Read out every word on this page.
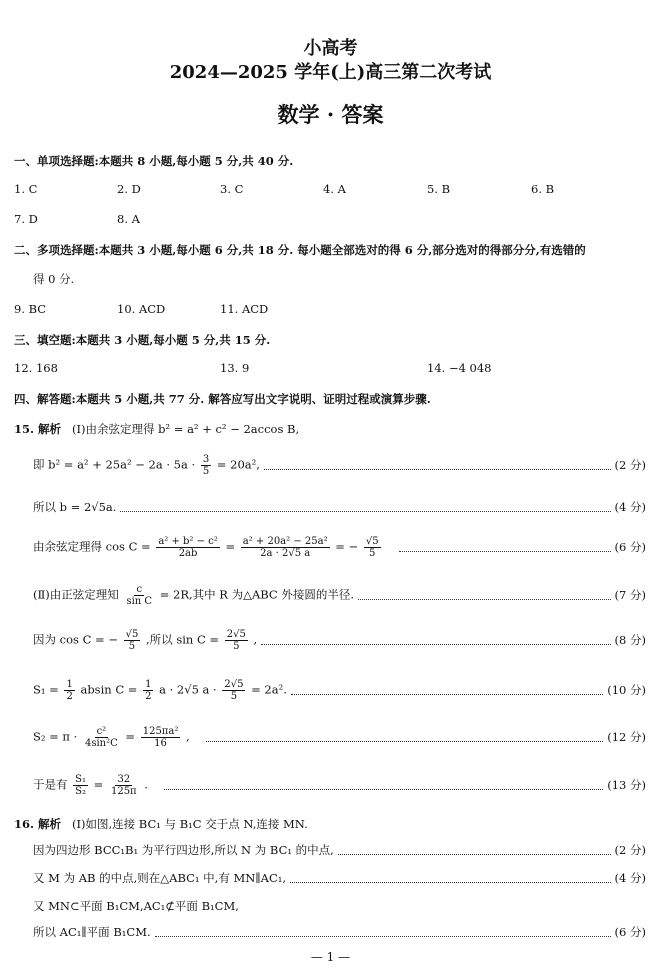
小高考
2024—2025 学年(上)高三第二次考试
数学 · 答案
一、单项选择题:本题共 8 小题,每小题 5 分,共 40 分.
1. C	2. D	3. C	4. A	5. B	6. B
7. D	8. A
二、多项选择题:本题共 3 小题,每小题 6 分,共 18 分. 每小题全部选对的得 6 分,部分选对的得部分分,有选错的
得 0 分.
9. BC	10. ACD	11. ACD
三、填空题:本题共 3 小题,每小题 5 分,共 15 分.
12. 168	13. 9	14. −4 048
四、解答题:本题共 5 小题,共 77 分. 解答应写出文字说明、证明过程或演算步骤.
15. 解析 (Ⅰ)由余弦定理得 b² = a² + c² − 2accos B,
即 $b^2 = a^2 + 25a^2 - 2a \cdot 5a \cdot \frac{3}{5} = 20a^2$,	(2 分)
所以 b = 2√5a.	(4 分)
由余弦定理得 $\cos C = \frac{\text{a² + b² − c²}}{2ab} = \frac{\text{a² + 20a² − 25a²}}{2a \cdot 2√5 a}$ = − $\frac{√5}{5}$	(6 分)
(Ⅱ)由正弦定理知 $\frac{c}{\text{sin C}} = 2R$,其中 R 为△ABC 外接圆的半径.	(7 分)
因为 cos C = − $\frac{√5}{5}$ ,所以 $\sin C = \frac{2√5}{5}$ ,	(8 分)
$S_1 = \frac{1}{2}$ absin $C = \frac{1}{2}$ a · 2√5 $a \cdot \frac{2√5}{5} = 2a^2$.	(10 分)
$S_2 = \pi \cdot \frac{\text{c²}}{\text{4sin²C}} = \frac{\text{125πa²}}{16}$ ,	(12 分)
于是有 $\frac{\text{S₁}}{\text{S₂}} = \frac{32}{125\pi}$ .	(13 分)
16. 解析 (Ⅰ)如图,连接 BC₁ 与 B₁C 交于点 N,连接 MN.
因为四边形 BCC₁B₁ 为平行四边形,所以 N 为 BC₁ 的中点,	(2 分)
又 M 为 AB 的中点,则在△ABC₁ 中,有 MN∥AC₁,	(4 分)
又 MN⊂平面 B₁CM,AC₁⊄平面 B₁CM,
所以 AC₁∥平面 B₁CM.	(6 分)
— 1 —
